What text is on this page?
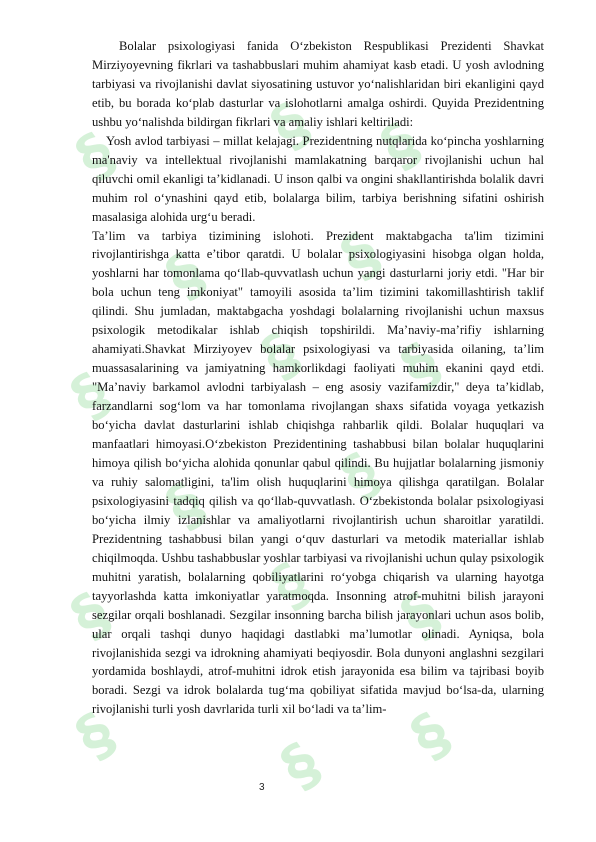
§ § §
§
§ §
§ § §
§ § §
§
§
§
§

Bolalar psixologiyasi fanida O‘zbekiston Respublikasi Prezidenti Shavkat Mirziyoyevning fikrlari va tashabbuslari muhim ahamiyat kasb etadi. U yosh avlodning tarbiyasi va rivojlanishi davlat siyosatining ustuvor yo‘nalishlaridan biri ekanligini qayd etib, bu borada ko‘plab dasturlar va islohotlarni amalga oshirdi. Quyida Prezidentning ushbu yo‘nalishda bildirgan fikrlari va amaliy ishlari keltiriladi:

Yosh avlod tarbiyasi – millat kelajagi. Prezidentning nutqlarida ko‘pincha yoshlarning ma'naviy va intellektual rivojlanishi mamlakatning barqaror rivojlanishi uchun hal qiluvchi omil ekanligi ta’kidlanadi. U inson qalbi va ongini shakllantirishda bolalik davri muhim rol o‘ynashini qayd etib, bolalarga bilim, tarbiya berishning sifatini oshirish masalasiga alohida urg‘u beradi.

Ta’lim va tarbiya tizimining islohoti. Prezident maktabgacha ta'lim tizimini rivojlantirishga katta e’tibor qaratdi. U bolalar psixologiyasini hisobga olgan holda, yoshlarni har tomonlama qo‘llab-quvvatlash uchun yangi dasturlarni joriy etdi. "Har bir bola uchun teng imkoniyat" tamoyili asosida ta’lim tizimini takomillashtirish taklif qilindi. Shu jumladan, maktabgacha yoshdagi bolalarning rivojlanishi uchun maxsus psixologik metodikalar ishlab chiqish topshirildi. Ma’naviy-ma’rifiy ishlarning ahamiyati.Shavkat Mirziyoyev bolalar psixologiyasi va tarbiyasida oilaning, ta’lim muassasalarining va jamiyatning hamkorlikdagi faoliyati muhim ekanini qayd etdi. "Ma’naviy barkamol avlodni tarbiyalash – eng asosiy vazifamizdir," deya ta’kidlab, farzandlarni sog‘lom va har tomonlama rivojlangan shaxs sifatida voyaga yetkazish bo‘yicha davlat dasturlarini ishlab chiqishga rahbarlik qildi. Bolalar huquqlari va manfaatlari himoyasi.O‘zbekiston Prezidentining tashabbusi bilan bolalar huquqlarini himoya qilish bo‘yicha alohida qonunlar qabul qilindi. Bu hujjatlar bolalarning jismoniy va ruhiy salomatligini, ta'lim olish huquqlarini himoya qilishga qaratilgan. Bolalar psixologiyasini tadqiq qilish va qo‘llab-quvvatlash. O‘zbekistonda bolalar psixologiyasi bo‘yicha ilmiy izlanishlar va amaliyotlarni rivojlantirish uchun sharoitlar yaratildi. Prezidentning tashabbusi bilan yangi o‘quv dasturlari va metodik materiallar ishlab chiqilmoqda. Ushbu tashabbuslar yoshlar tarbiyasi va rivojlanishi uchun qulay psixologik muhitni yaratish, bolalarning qobiliyatlarini ro‘yobga chiqarish va ularning hayotga tayyorlashda katta imkoniyatlar yaratmoqda. Insonning atrof-muhitni bilish jarayoni sezgilar orqali boshlanadi. Sezgilar insonning barcha bilish jarayonlari uchun asos bolib, ular orqali tashqi dunyo haqidagi dastlabki ma’lumotlar olinadi. Ayniqsa, bola rivojlanishida sezgi va idrokning ahamiyati beqiyosdir. Bola dunyoni anglashni sezgilari yordamida boshlaydi, atrof-muhitni idrok etish jarayonida esa bilim va tajribasi boyib boradi. Sezgi va idrok bolalarda tug‘ma qobiliyat sifatida mavjud bo‘lsa-da, ularning rivojlanishi turli yosh davrlarida turli xil bo‘ladi va ta’lim-

3
